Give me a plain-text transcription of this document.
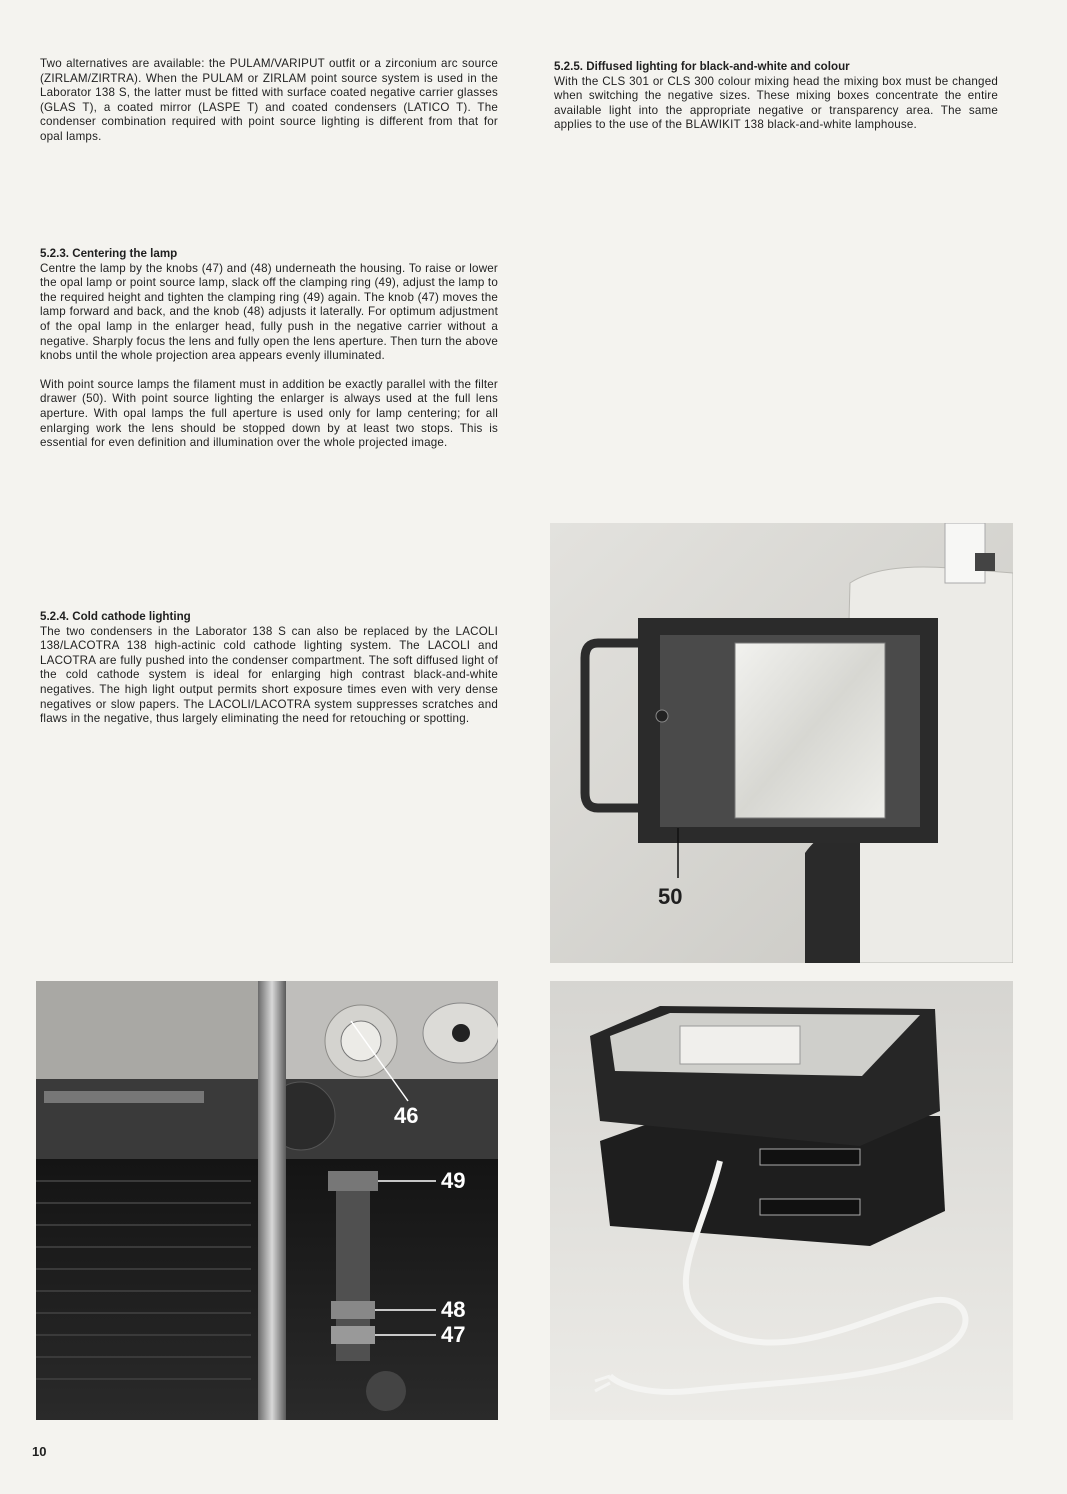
Two alternatives are available: the PULAM/VARIPUT outfit or a zirconium arc source (ZIRLAM/ZIRTRA). When the PULAM or ZIRLAM point source system is used in the Laborator 138 S, the latter must be fitted with surface coated negative carrier glasses (GLAS T), a coated mirror (LASPE T) and coated condensers (LATICO T). The condenser combination required with point source lighting is different from that for opal lamps.

5.2.3. Centering the lamp

Centre the lamp by the knobs (47) and (48) underneath the housing. To raise or lower the opal lamp or point source lamp, slack off the clamping ring (49), adjust the lamp to the required height and tighten the clamping ring (49) again. The knob (47) moves the lamp forward and back, and the knob (48) adjusts it laterally. For optimum adjustment of the opal lamp in the enlarger head, fully push in the negative carrier without a negative. Sharply focus the lens and fully open the lens aperture. Then turn the above knobs until the whole projection area appears evenly illuminated.

With point source lamps the filament must in addition be exactly parallel with the filter drawer (50). With point source lighting the enlarger is always used at the full lens aperture. With opal lamps the full aperture is used only for lamp centering; for all enlarging work the lens should be stopped down by at least two stops. This is essential for even definition and illumination over the whole projected image.

5.2.4. Cold cathode lighting

The two condensers in the Laborator 138 S can also be replaced by the LACOLI 138/LACOTRA 138 high-actinic cold cathode lighting system. The LACOLI and LACOTRA are fully pushed into the condenser compartment. The soft diffused light of the cold cathode system is ideal for enlarging high contrast black-and-white negatives. The high light output permits short exposure times even with very dense negatives or slow papers. The LACOLI/LACOTRA system suppresses scratches and flaws in the negative, thus largely eliminating the need for retouching or spotting.

5.2.5. Diffused lighting for black-and-white and colour

With the CLS 301 or CLS 300 colour mixing head the mixing box must be changed when switching the negative sizes. These mixing boxes concentrate the entire available light into the appropriate negative or transparency area. The same applies to the use of the BLAWIKIT 138 black-and-white lamphouse.

50
46
49
48
47
10
